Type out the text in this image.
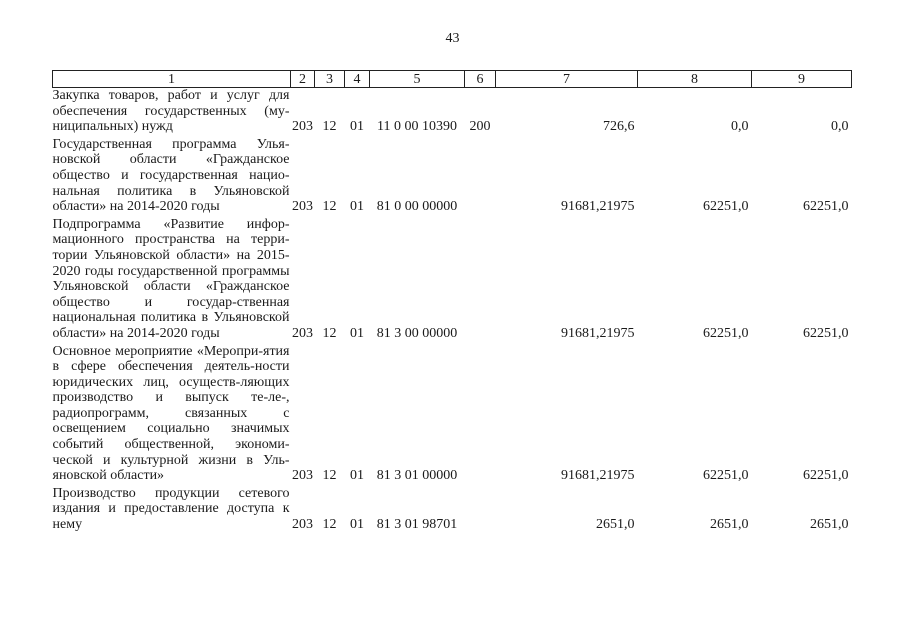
43
1	2	3	4	5	6	7	8	9
Закупка товаров, работ и услуг для обеспечения государственных (му-ниципальных) нужд	203	12	01	11 0 00 10390	200	726,6	0,0	0,0
Государственная программа Улья-новской области «Гражданское общество и государственная нацио-нальная политика в Ульяновской области» на 2014-2020 годы	203	12	01	81 0 00 00000		91681,21975	62251,0	62251,0
Подпрограмма «Развитие инфор-мационного пространства на терри-тории Ульяновской области» на 2015-2020 годы государственной программы Ульяновской области «Гражданское общество и государ-ственная национальная политика в Ульяновской области» на 2014-2020 годы	203	12	01	81 3 00 00000		91681,21975	62251,0	62251,0
Основное мероприятие «Меропри-ятия в сфере обеспечения деятель-ности юридических лиц, осуществ-ляющих производство и выпуск те-ле-, радиопрограмм, связанных с освещением социально значимых событий общественной, экономи-ческой и культурной жизни в Уль-яновской области»	203	12	01	81 3 01 00000		91681,21975	62251,0	62251,0
Производство продукции сетевого издания и предоставление доступа к нему	203	12	01	81 3 01 98701		2651,0	2651,0	2651,0
